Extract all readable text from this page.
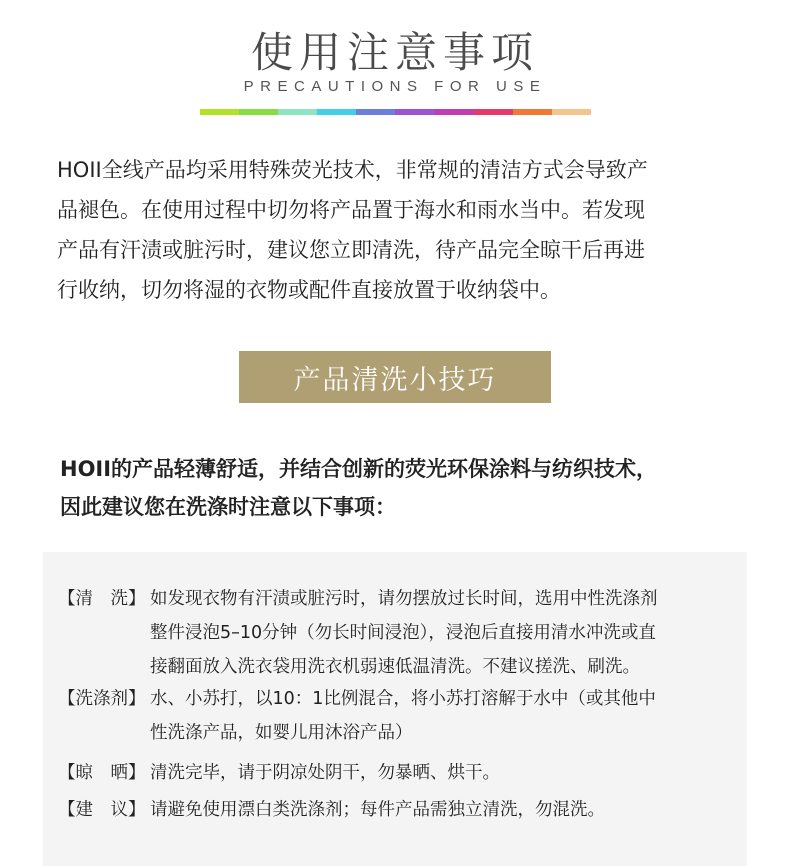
使用注意事项
PRECAUTIONS FOR USE
HOII全线产品均采用特殊荧光技术，非常规的清洁方式会导致产
品褪色。在使用过程中切勿将产品置于海水和雨水当中。若发现
产品有汗渍或脏污时，建议您立即清洗，待产品完全晾干后再进
行收纳，切勿将湿的衣物或配件直接放置于收纳袋中。
产品清洗小技巧
HOII的产品轻薄舒适，并结合创新的荧光环保涂料与纺织技术，
因此建议您在洗涤时注意以下事项：
【清　洗】 如发现衣物有汗渍或脏污时，请勿摆放过长时间，选用中性洗涤剂
整件浸泡5–10分钟（勿长时间浸泡），浸泡后直接用清水冲洗或直
接翻面放入洗衣袋用洗衣机弱速低温清洗。不建议搓洗、刷洗。
【洗涤剂】 水、小苏打，以10：1比例混合，将小苏打溶解于水中（或其他中
性洗涤产品，如婴儿用沐浴产品）
【晾　晒】 清洗完毕，请于阴凉处阴干，勿暴晒、烘干。
【建　议】 请避免使用漂白类洗涤剂；每件产品需独立清洗，勿混洗。
